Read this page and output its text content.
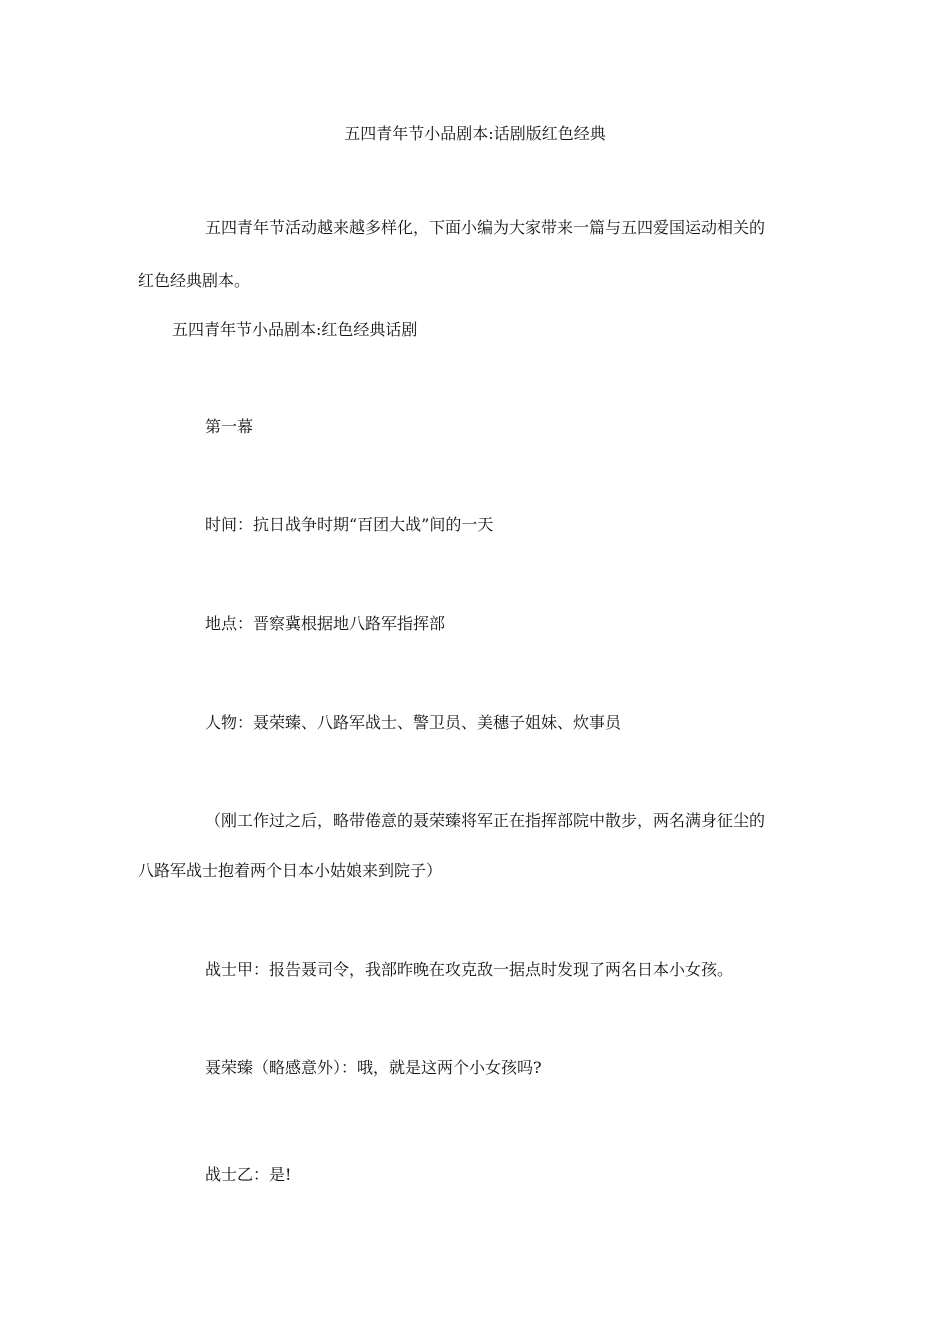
五四青年节小品剧本:话剧版红色经典
五四青年节活动越来越多样化，下面小编为大家带来一篇与五四爱国运动相关的
红色经典剧本。
五四青年节小品剧本:红色经典话剧
第一幕
时间：抗日战争时期“百团大战”间的一天
地点：晋察冀根据地八路军指挥部
人物：聂荣臻、八路军战士、警卫员、美穗子姐妹、炊事员
（刚工作过之后，略带倦意的聂荣臻将军正在指挥部院中散步，两名满身征尘的
八路军战士抱着两个日本小姑娘来到院子）
战士甲：报告聂司令，我部昨晚在攻克敌一据点时发现了两名日本小女孩。
聂荣臻（略感意外）：哦，就是这两个小女孩吗?
战士乙：是!
